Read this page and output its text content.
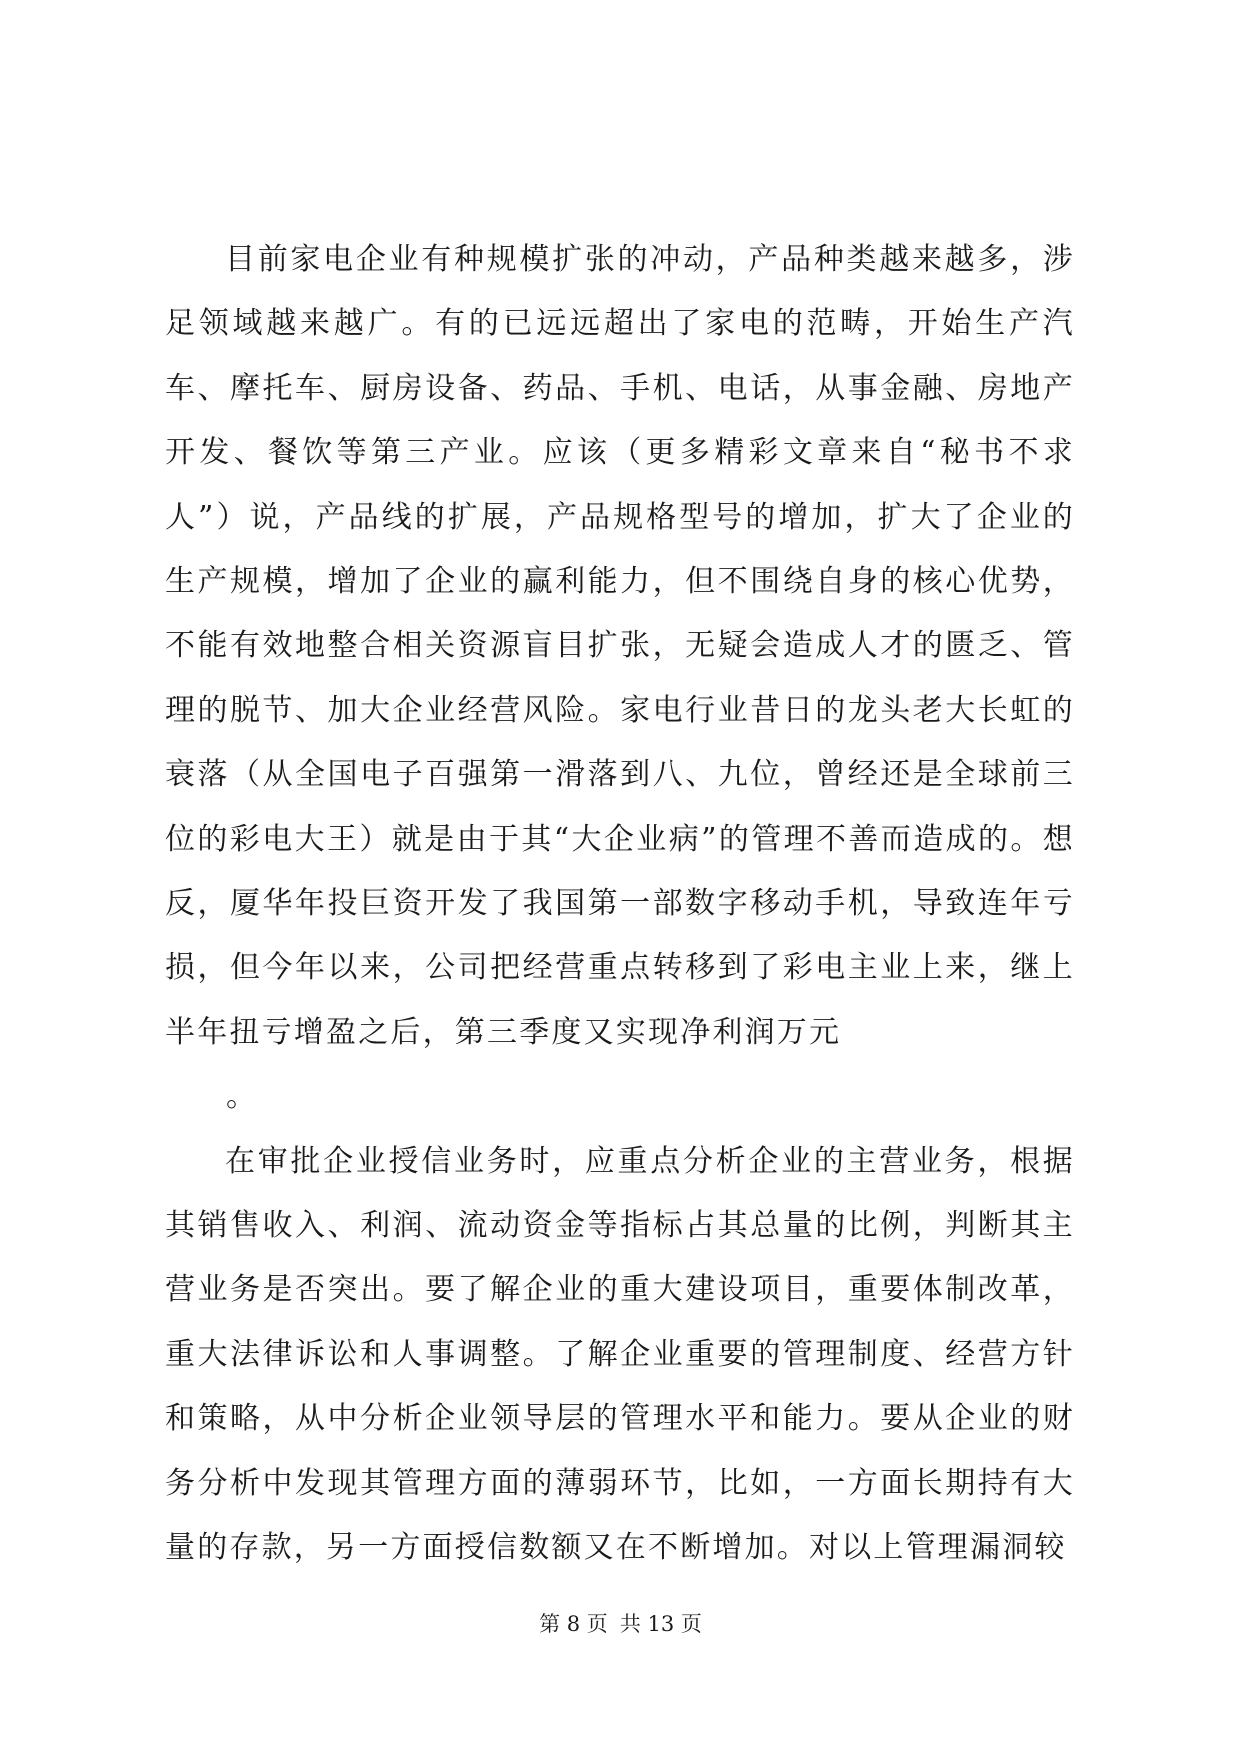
目前家电企业有种规模扩张的冲动，产品种类越来越多，涉足领域越来越广。有的已远远超出了家电的范畴，开始生产汽车、摩托车、厨房设备、药品、手机、电话，从事金融、房地产开发、餐饮等第三产业。应该（更多精彩文章来自“秘书不求人”）说，产品线的扩展，产品规格型号的增加，扩大了企业的生产规模，增加了企业的赢利能力，但不围绕自身的核心优势，不能有效地整合相关资源盲目扩张，无疑会造成人才的匮乏、管理的脱节、加大企业经营风险。家电行业昔日的龙头老大长虹的衰落（从全国电子百强第一滑落到八、九位，曾经还是全球前三位的彩电大王）就是由于其“大企业病”的管理不善而造成的。想反，厦华年投巨资开发了我国第一部数字移动手机，导致连年亏损，但今年以来，公司把经营重点转移到了彩电主业上来，继上半年扭亏增盈之后，第三季度又实现净利润万元

。

在审批企业授信业务时，应重点分析企业的主营业务，根据其销售收入、利润、流动资金等指标占其总量的比例，判断其主营业务是否突出。要了解企业的重大建设项目，重要体制改革，重大法律诉讼和人事调整。了解企业重要的管理制度、经营方针和策略，从中分析企业领导层的管理水平和能力。要从企业的财务分析中发现其管理方面的薄弱环节，比如，一方面长期持有大量的存款，另一方面授信数额又在不断增加。对以上管理漏洞较

第 8 页 共 13 页
